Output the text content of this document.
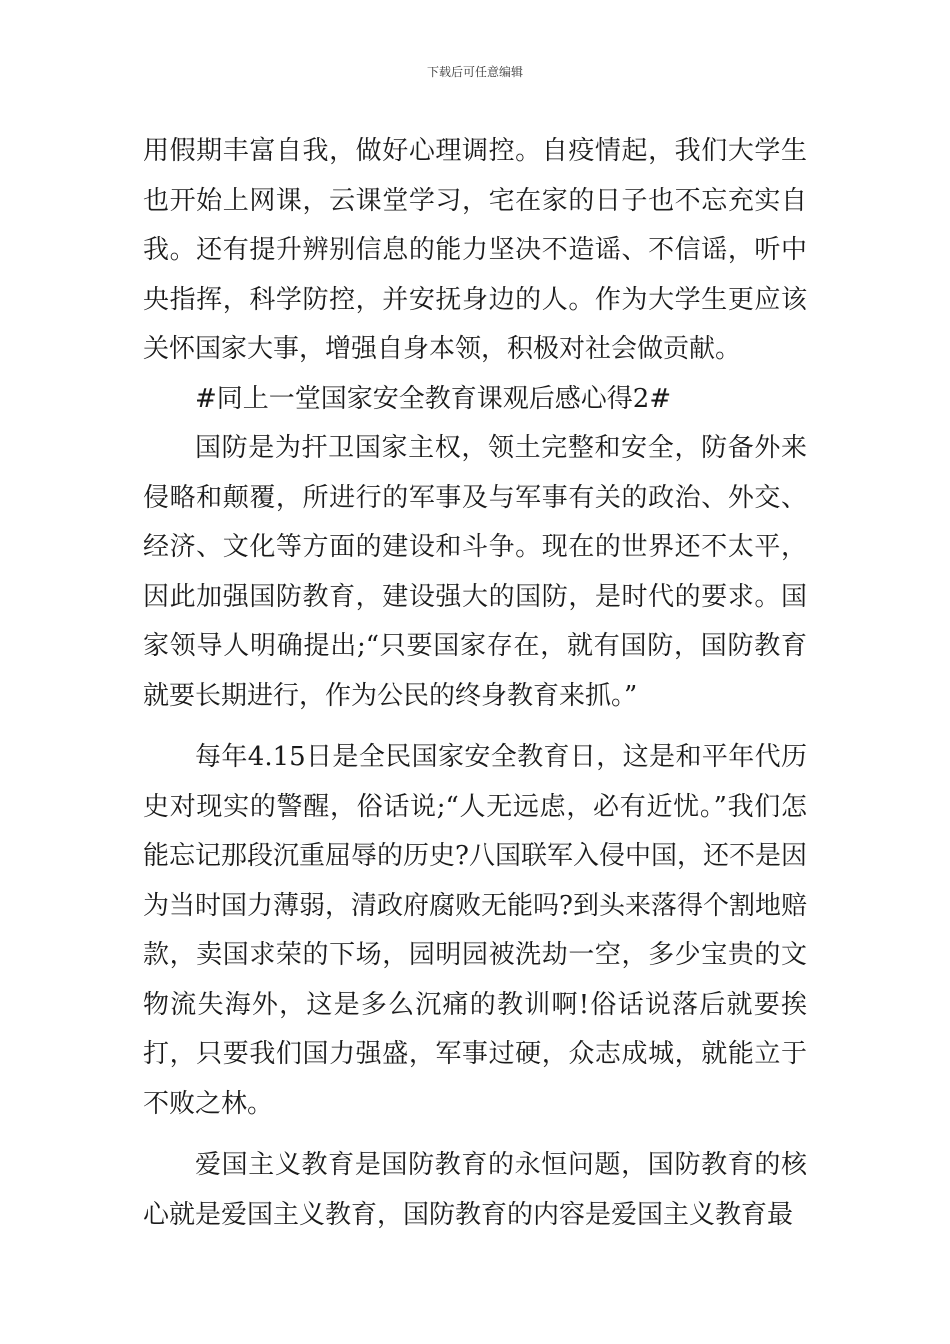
下载后可任意编辑

用假期丰富自我，做好心理调控。自疫情起，我们大学生也开始上网课，云课堂学习，宅在家的日子也不忘充实自我。还有提升辨别信息的能力坚决不造谣、不信谣，听中央指挥，科学防控，并安抚身边的人。作为大学生更应该关怀国家大事，增强自身本领，积极对社会做贡献。

#同上一堂国家安全教育课观后感心得2#

国防是为扞卫国家主权，领土完整和安全，防备外来侵略和颠覆，所进行的军事及与军事有关的政治、外交、经济、文化等方面的建设和斗争。现在的世界还不太平，因此加强国防教育，建设强大的国防，是时代的要求。国家领导人明确提出;“只要国家存在，就有国防，国防教育就要长期进行，作为公民的终身教育来抓。”

每年4.15日是全民国家安全教育日，这是和平年代历史对现实的警醒，俗话说;“人无远虑，必有近忧。”我们怎能忘记那段沉重屈辱的历史?八国联军入侵中国，还不是因为当时国力薄弱，清政府腐败无能吗?到头来落得个割地赔款，卖国求荣的下场，园明园被洗劫一空，多少宝贵的文物流失海外，这是多么沉痛的教训啊!俗话说落后就要挨打，只要我们国力强盛，军事过硬，众志成城，就能立于不败之林。

爱国主义教育是国防教育的永恒问题，国防教育的核心就是爱国主义教育，国防教育的内容是爱国主义教育最
